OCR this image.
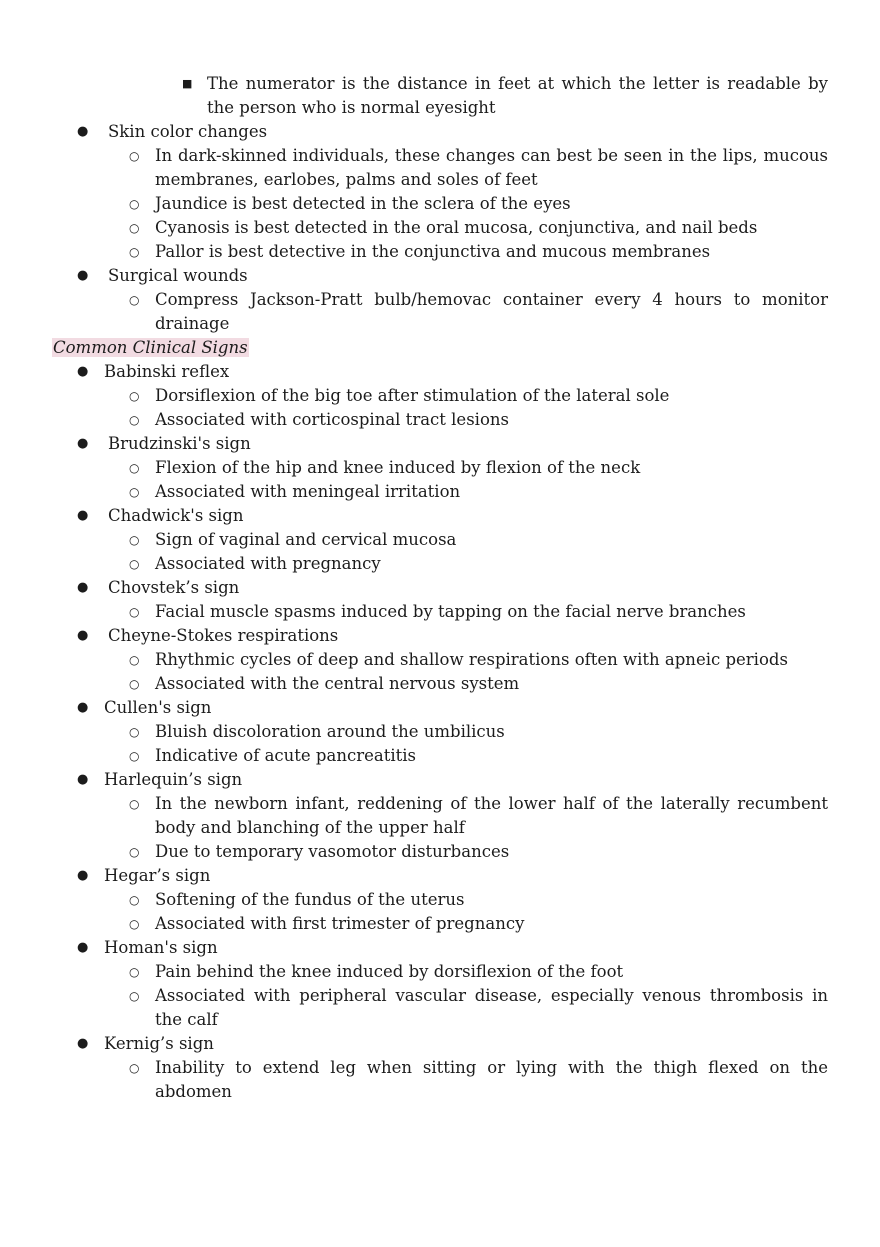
■ The numerator is the distance in feet at which the letter is readable by the person who is normal eyesight
● Skin color changes
○ In dark-skinned individuals, these changes can best be seen in the lips, mucous membranes, earlobes, palms and soles of feet
○ Jaundice is best detected in the sclera of the eyes
○ Cyanosis is best detected in the oral mucosa, conjunctiva, and nail beds
○ Pallor is best detective in the conjunctiva and mucous membranes
● Surgical wounds
○ Compress Jackson-Pratt bulb/hemovac container every 4 hours to monitor drainage
Common Clinical Signs
● Babinski reflex
○ Dorsiflexion of the big toe after stimulation of the lateral sole
○ Associated with corticospinal tract lesions
● Brudzinski's sign
○ Flexion of the hip and knee induced by flexion of the neck
○ Associated with meningeal irritation
● Chadwick's sign
○ Sign of vaginal and cervical mucosa
○ Associated with pregnancy
● Chovstek’s sign
○ Facial muscle spasms induced by tapping on the facial nerve branches
● Cheyne-Stokes respirations
○ Rhythmic cycles of deep and shallow respirations often with apneic periods
○ Associated with the central nervous system
● Cullen's sign
○ Bluish discoloration around the umbilicus
○ Indicative of acute pancreatitis
● Harlequin’s sign
○ In the newborn infant, reddening of the lower half of the laterally recumbent body and blanching of the upper half
○ Due to temporary vasomotor disturbances
● Hegar’s sign
○ Softening of the fundus of the uterus
○ Associated with first trimester of pregnancy
● Homan's sign
○ Pain behind the knee induced by dorsiflexion of the foot
○ Associated with peripheral vascular disease, especially venous thrombosis in the calf
● Kernig’s sign
○ Inability to extend leg when sitting or lying with the thigh flexed on the abdomen
